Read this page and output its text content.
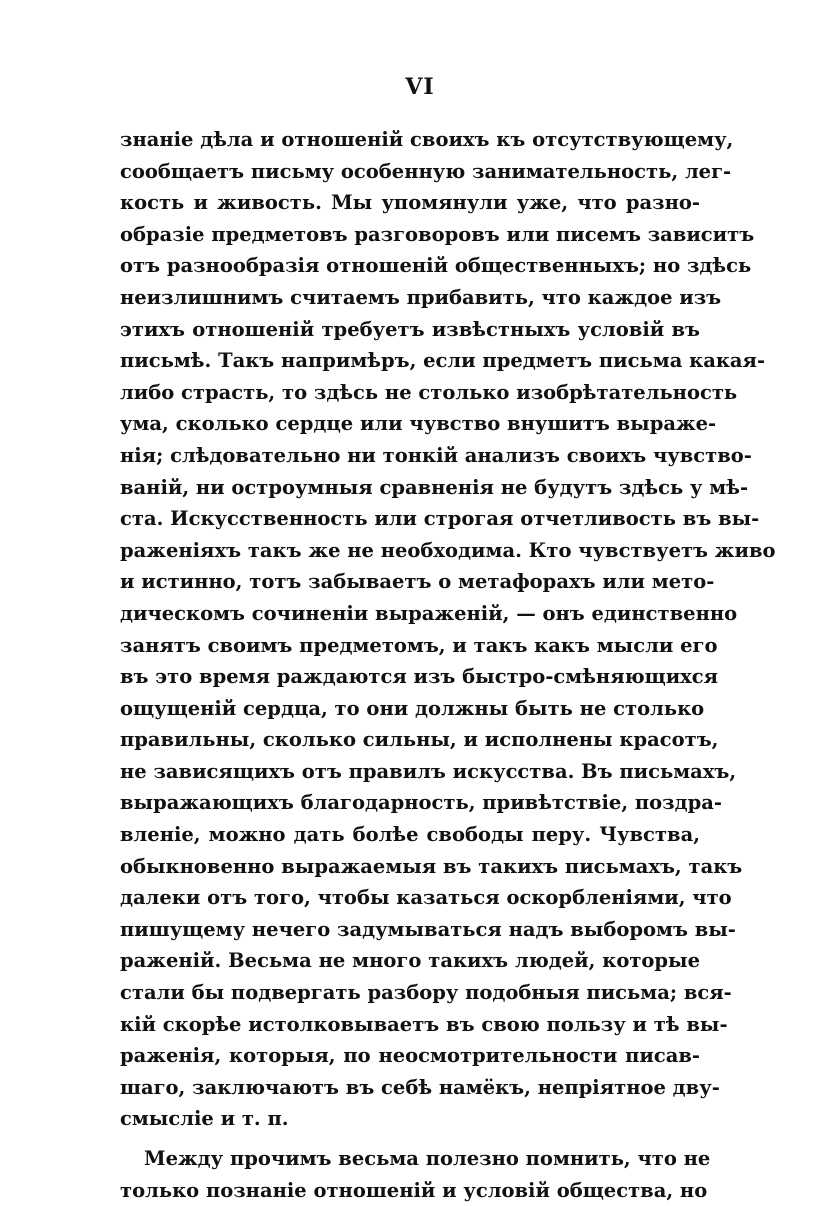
VI
знаніе дѣла и отношеній своихъ къ отсутствующему,
сообщаетъ письму особенную занимательность, лег-
кость и живость. Мы упомянули уже, что разно-
образіе предметовъ разговоровъ или писемъ зависитъ
отъ разнообразія отношеній общественныхъ; но здѣсь
неизлишнимъ считаемъ прибавить, что каждое изъ
этихъ отношеній требуетъ извѣстныхъ условій въ
письмѣ. Такъ напримѣръ, если предметъ письма какая-
либо страсть, то здѣсь не столько изобрѣтательность
ума, сколько сердце или чувство внушитъ выраже-
нія; слѣдовательно ни тонкій анализъ своихъ чувство-
ваній, ни остроумныя сравненія не будутъ здѣсь у мѣ-
ста. Искусственность или строгая отчетливость въ вы-
раженіяхъ такъ же не необходима. Кто чувствуетъ живо
и истинно, тотъ забываетъ о метафорахъ или мето-
дическомъ сочиненіи выраженій, — онъ единственно
занятъ своимъ предметомъ, и такъ какъ мысли его
въ это время раждаются изъ быстро-смѣняющихся
ощущеній сердца, то они должны быть не столько
правильны, сколько сильны, и исполнены красотъ,
не зависящихъ отъ правилъ искусства. Въ письмахъ,
выражающихъ благодарность, привѣтствіе, поздра-
вленіе, можно дать болѣе свободы перу. Чувства,
обыкновенно выражаемыя въ такихъ письмахъ, такъ
далеки отъ того, чтобы казаться оскорбленіями, что
пишущему нечего задумываться надъ выборомъ вы-
раженій. Весьма не много такихъ людей, которые
стали бы подвергать разбору подобныя письма; вся-
кій скорѣе истолковываетъ въ свою пользу и тѣ вы-
раженія, которыя, по неосмотрительности писав-
шаго, заключаютъ въ себѣ намёкъ, непріятное дву-
смысліе и т. п.
Между прочимъ весьма полезно помнить, что не
только познаніе отношеній и условій общества, но
